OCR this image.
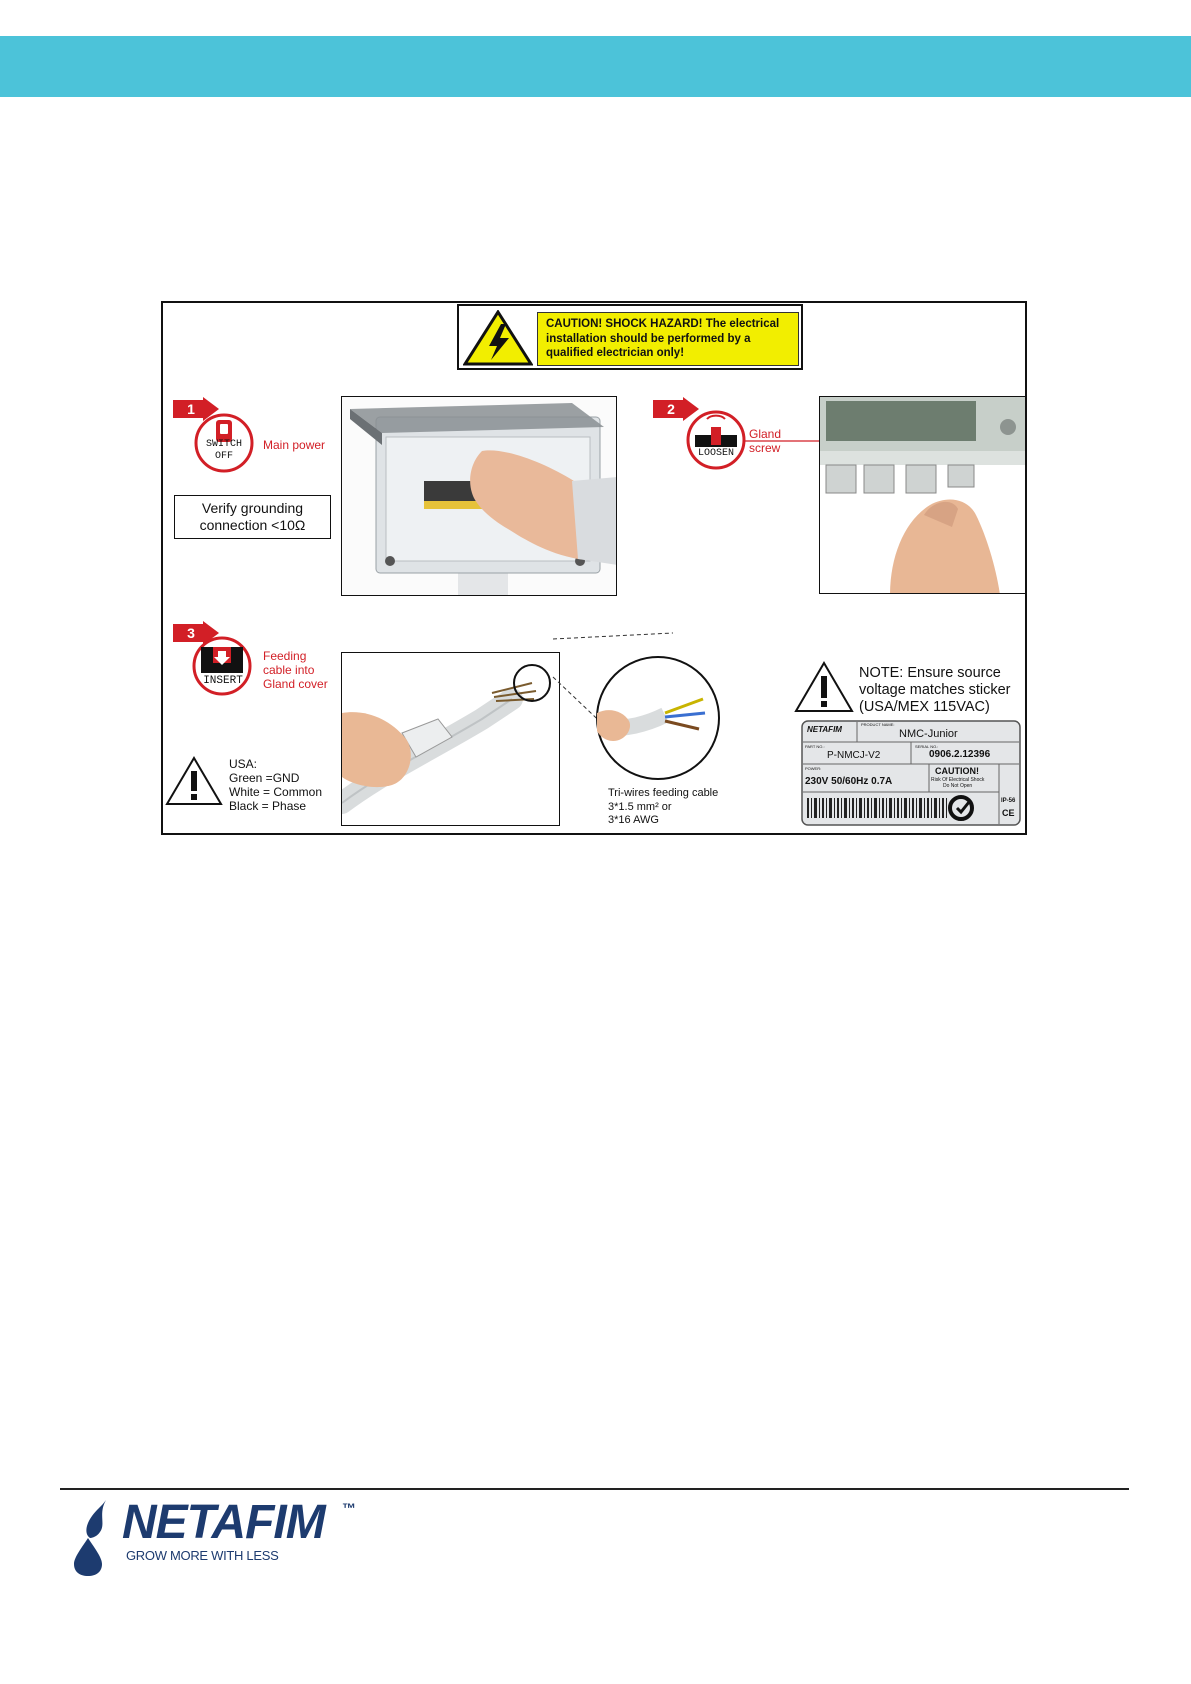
CAUTION! SHOCK HAZARD! The electrical installation should be performed by a qualified electrician only!
1
SWITCH
OFF
Main power
Verify grounding
connection <10Ω
2
LOOSEN
Gland
screw
3
INSERT
Feeding
cable into
Gland cover
USA:
Green =GND
White = Common
Black = Phase
Tri-wires feeding cable
3*1.5 mm² or
3*16 AWG
NOTE: Ensure source
voltage matches sticker
(USA/MEX 115VAC)
NETAFIM
PRODUCT NAME:
NMC-Junior
PART NO.:
P-NMCJ-V2
SERIAL NO.:
0906.2.12396
POWER:
230V 50/60Hz 0.7A
CAUTION!
Risk Of Electrical Shock
Do Not Open
IP-56
CE
NETAFIM ™
GROW MORE WITH LESS
